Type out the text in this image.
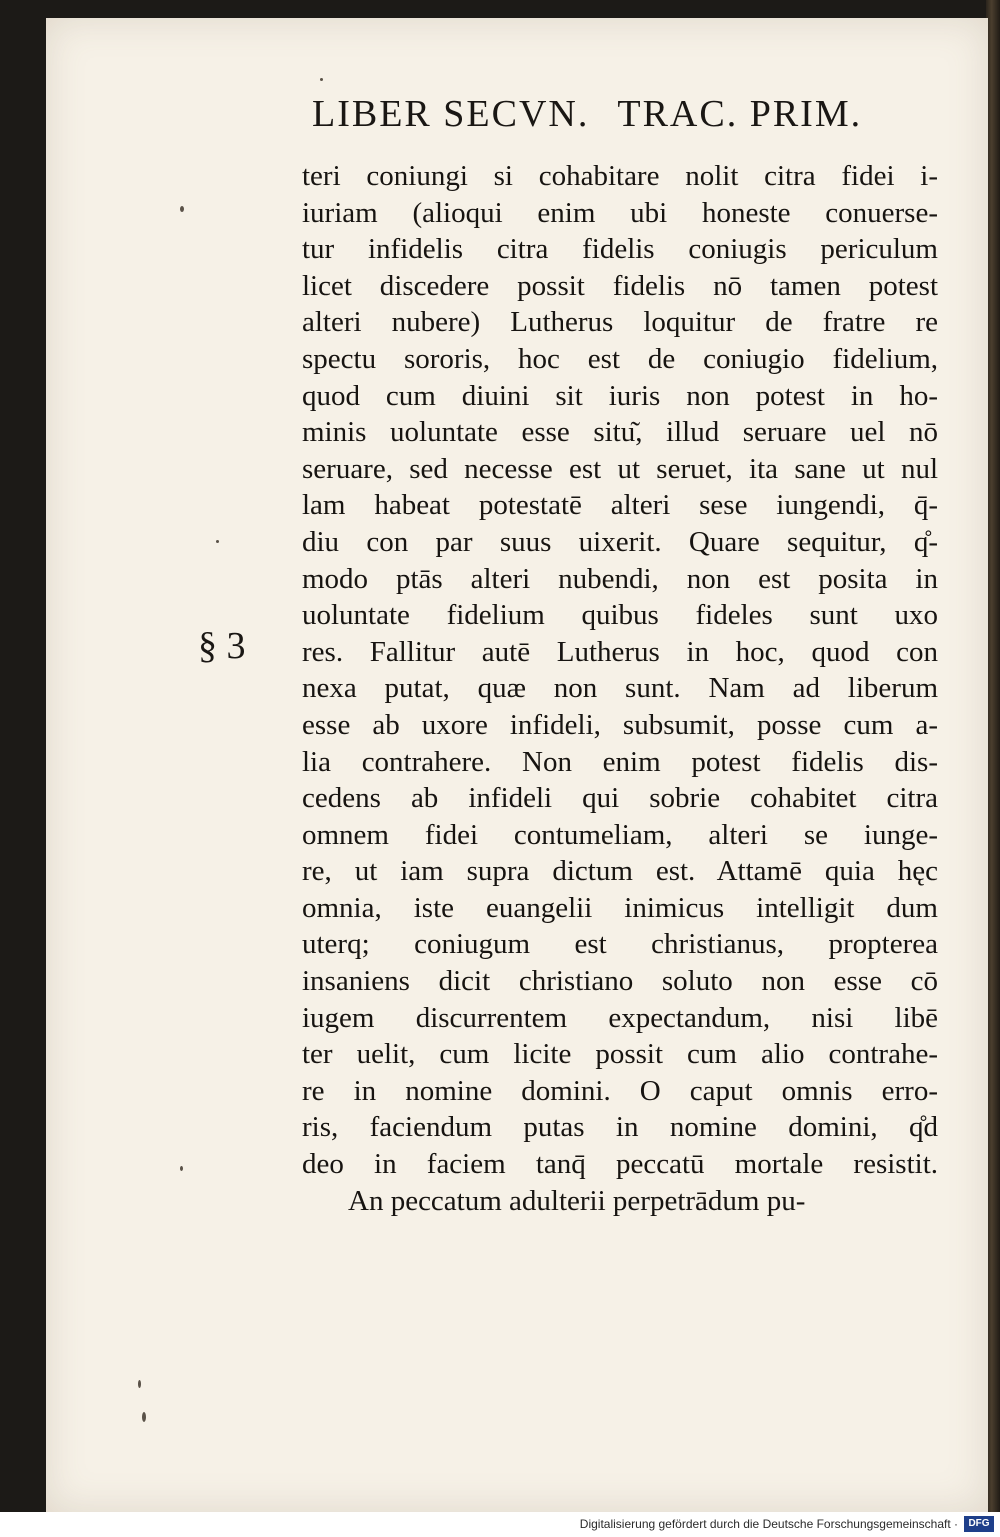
LIBER SECVN. TRAC. PRIM.
§ 3
teri coniungi si cohabitare nolit citra fidei i-
iuriam (alioqui enim ubi honeste conuerse-
tur infidelis citra fidelis coniugis periculum
licet discedere possit fidelis nō tamen potest
alteri nubere) Lutherus loquitur de fratre re
spectu sororis, hoc est de coniugio fidelium,
quod cum diuini sit iuris non potest in ho-
minis uoluntate esse situ͂, illud seruare uel nō
seruare, sed necesse est ut seruet, ita sane ut nul
lam habeat potestatē alteri sese iungendi, q̄-
diu con par suus uixerit. Quare sequitur, q̊-
modo ptās alteri nubendi, non est posita in
uoluntate fidelium quibus fideles sunt uxo
res. Fallitur autē Lutherus in hoc, quod con
nexa putat, quæ non sunt. Nam ad liberum
esse ab uxore infideli, subsumit, posse cum a-
lia contrahere. Non enim potest fidelis dis-
cedens ab infideli qui sobrie cohabitet citra
omnem fidei contumeliam, alteri se iunge-
re, ut iam supra dictum est. Attamē quia hęc
omnia, iste euangelii inimicus intelligit dum
uterq; coniugum est christianus, propterea
insaniens dicit christiano soluto non esse cō
iugem discurrentem expectandum, nisi libē
ter uelit, cum licite possit cum alio contrahe-
re in nomine domini. O caput omnis erro-
ris, faciendum putas in nomine domini, q̊d
deo in faciem tanq̄ peccatū mortale resistit.
An peccatum adulterii perpetrādum pu-
Digitalisierung gefördert durch die Deutsche Forschungsgemeinschaft ·	DFG
